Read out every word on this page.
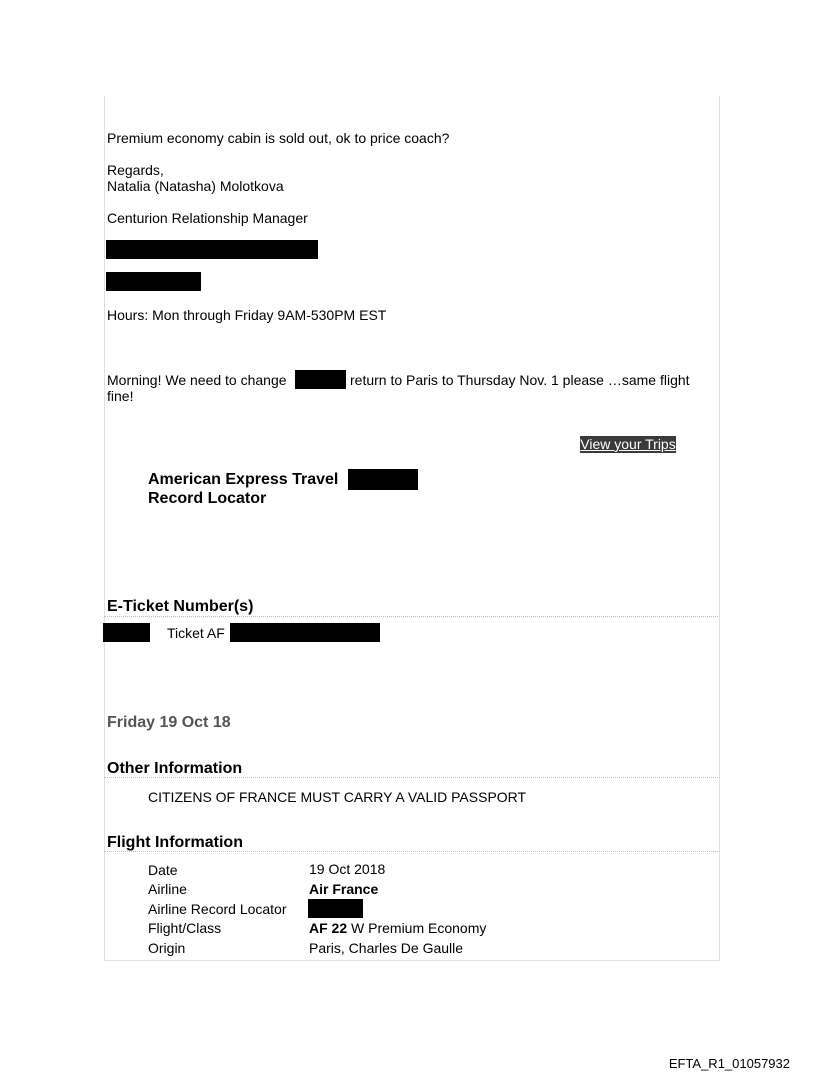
Premium economy cabin is sold out, ok to price coach?
Regards,
Natalia (Natasha) Molotkova
Centurion Relationship Manager
Hours: Mon through Friday 9AM-530PM EST
Morning! We need to change	return to Paris to Thursday Nov. 1 please …same flight
fine!
View your Trips
American Express Travel
Record Locator
E-Ticket Number(s)
Ticket AF
Friday 19 Oct 18
Other Information
CITIZENS OF FRANCE MUST CARRY A VALID PASSPORT
Flight Information
Date	19 Oct 2018
Airline	Air France
Airline Record Locator
Flight/Class	AF 22 W Premium Economy
Origin	Paris, Charles De Gaulle
EFTA_R1_01057932
